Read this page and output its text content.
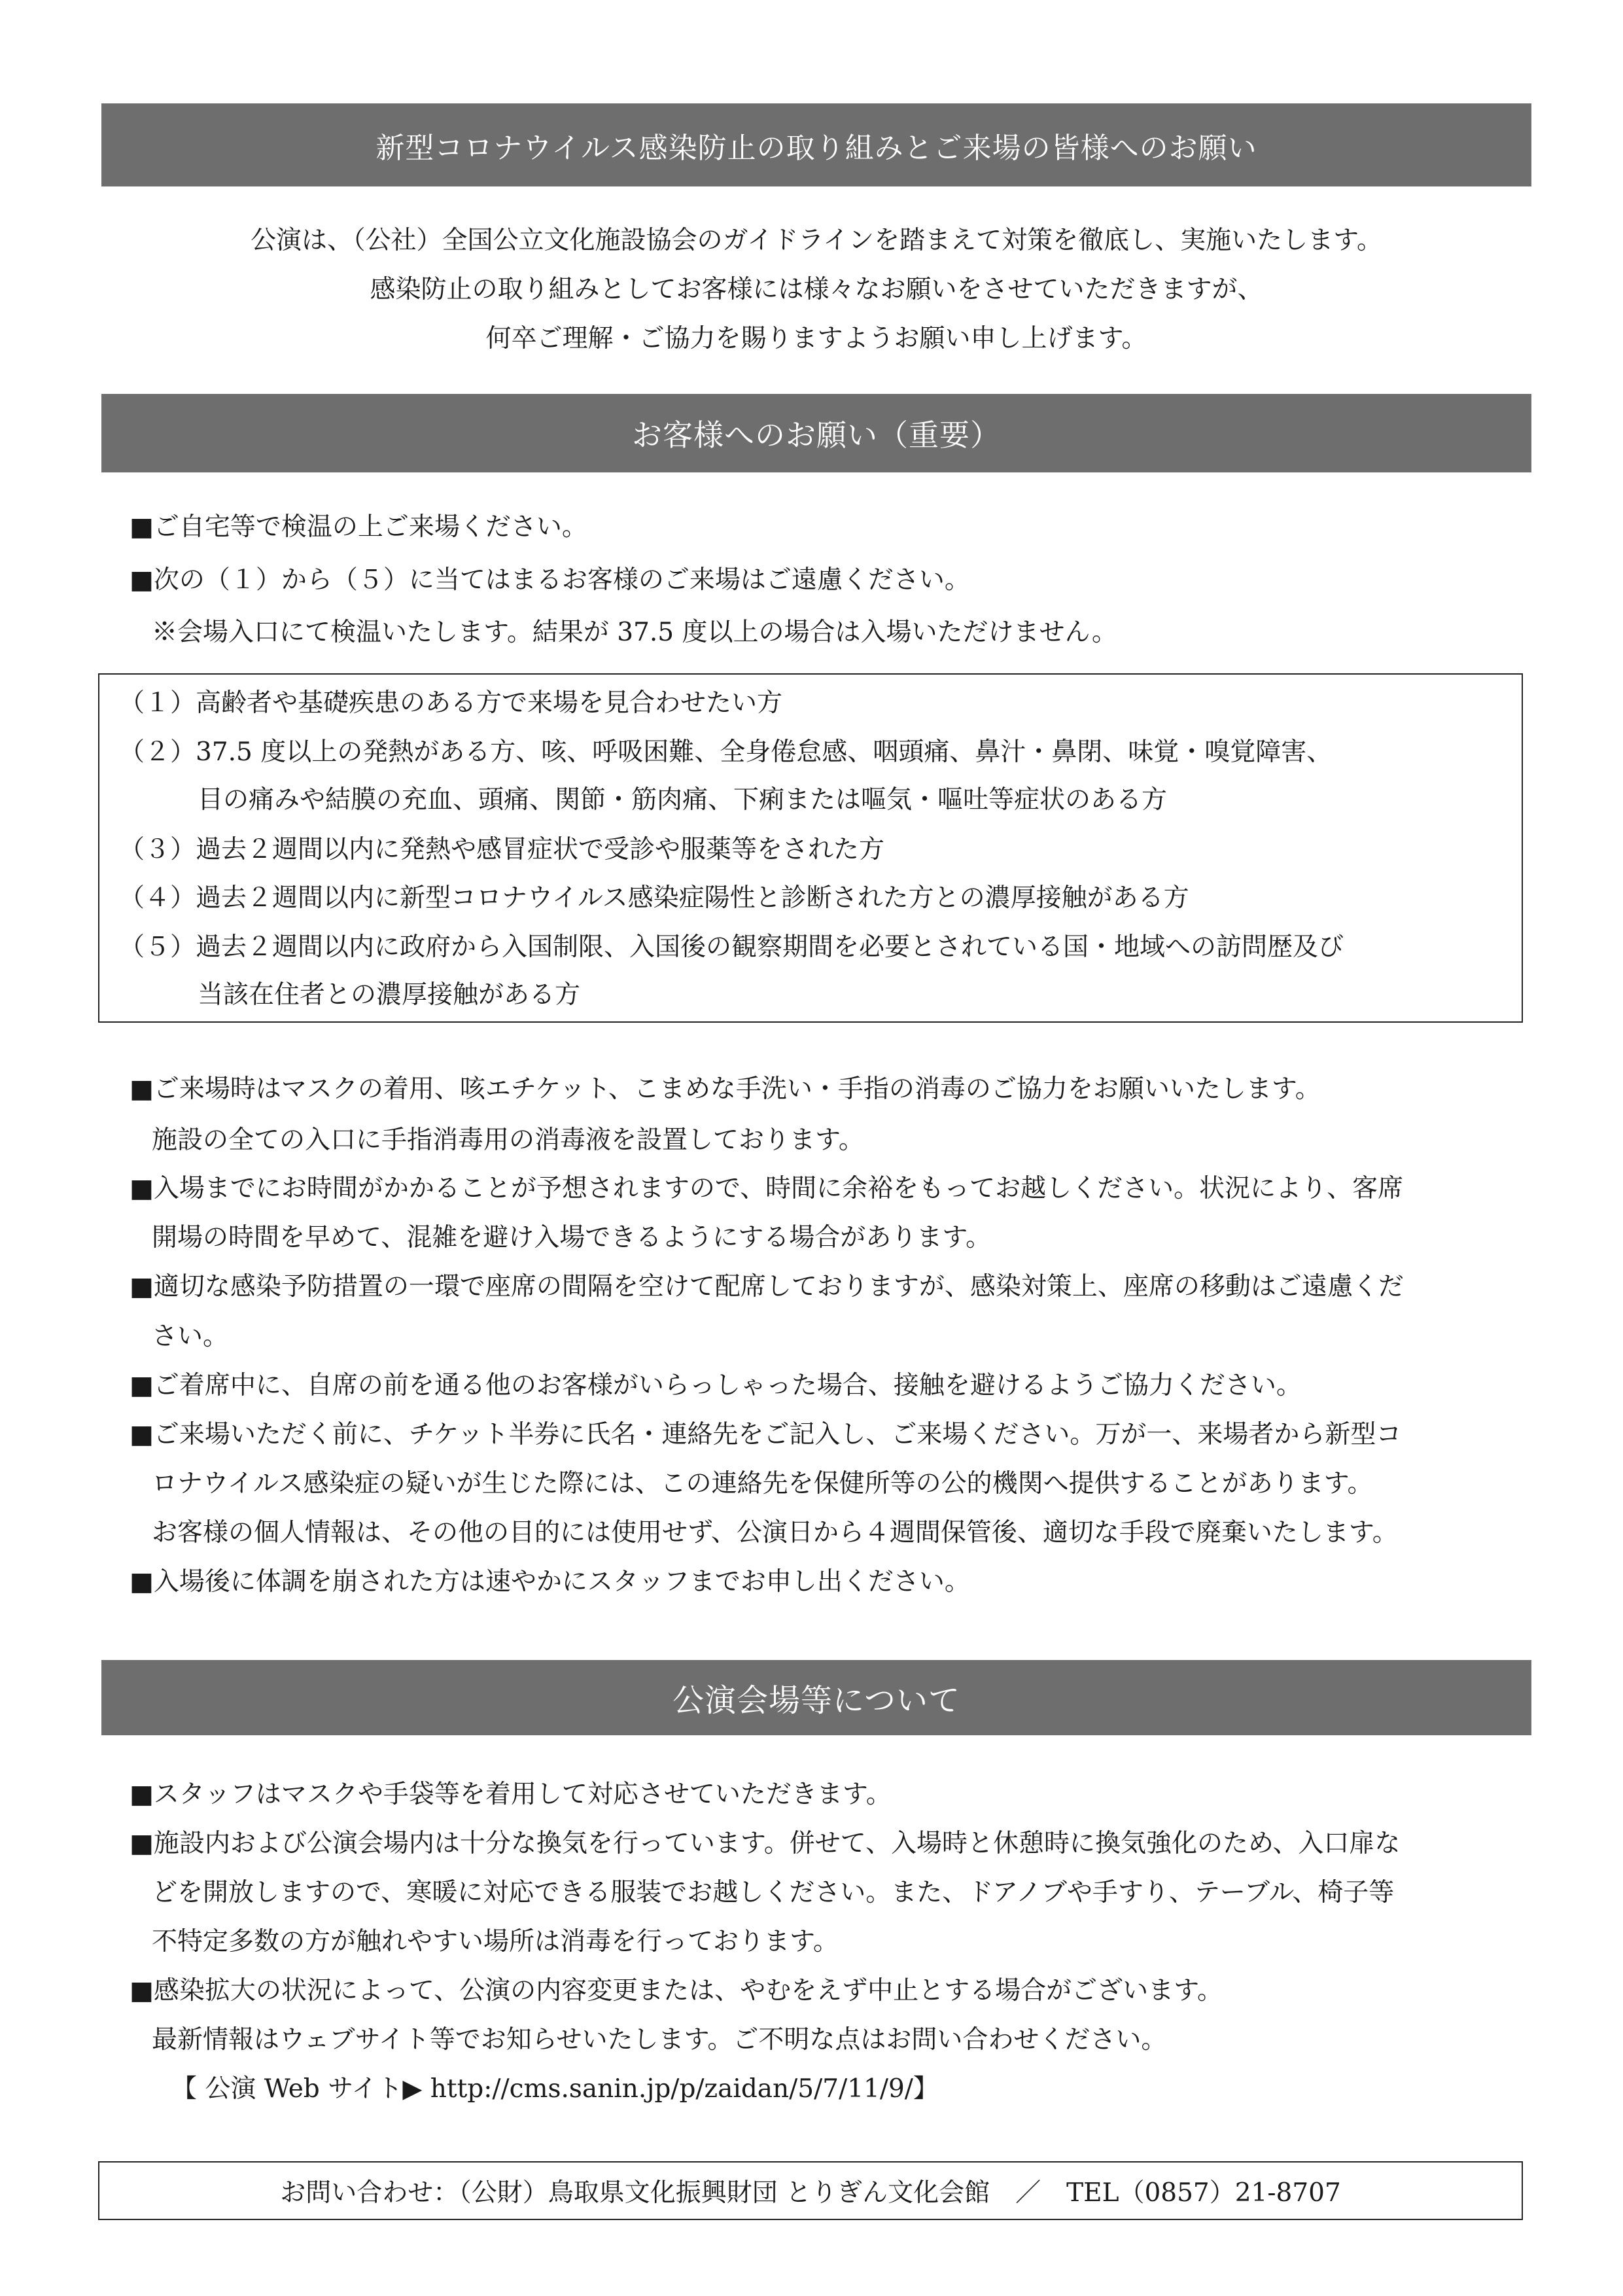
新型コロナウイルス感染防止の取り組みとご来場の皆様へのお願い
公演は、（公社）全国公立文化施設協会のガイドラインを踏まえて対策を徹底し、実施いたします。
感染防止の取り組みとしてお客様には様々なお願いをさせていただきますが、
何卒ご理解・ご協力を賜りますようお願い申し上げます。
お客様へのお願い（重要）
■ご自宅等で検温の上ご来場ください。
■次の（１）から（５）に当てはまるお客様のご来場はご遠慮ください。
※会場入口にて検温いたします。結果が 37.5 度以上の場合は入場いただけません。
（１）高齢者や基礎疾患のある方で来場を見合わせたい方
（２）37.5 度以上の発熱がある方、咳、呼吸困難、全身倦怠感、咽頭痛、鼻汁・鼻閉、味覚・嗅覚障害、
目の痛みや結膜の充血、頭痛、関節・筋肉痛、下痢または嘔気・嘔吐等症状のある方
（３）過去２週間以内に発熱や感冒症状で受診や服薬等をされた方
（４）過去２週間以内に新型コロナウイルス感染症陽性と診断された方との濃厚接触がある方
（５）過去２週間以内に政府から入国制限、入国後の観察期間を必要とされている国・地域への訪問歴及び
当該在住者との濃厚接触がある方
■ご来場時はマスクの着用、咳エチケット、こまめな手洗い・手指の消毒のご協力をお願いいたします。
施設の全ての入口に手指消毒用の消毒液を設置しております。
■入場までにお時間がかかることが予想されますので、時間に余裕をもってお越しください。状況により、客席
開場の時間を早めて、混雑を避け入場できるようにする場合があります。
■適切な感染予防措置の一環で座席の間隔を空けて配席しておりますが、感染対策上、座席の移動はご遠慮くだ
さい。
■ご着席中に、自席の前を通る他のお客様がいらっしゃった場合、接触を避けるようご協力ください。
■ご来場いただく前に、チケット半券に氏名・連絡先をご記入し、ご来場ください。万が一、来場者から新型コ
ロナウイルス感染症の疑いが生じた際には、この連絡先を保健所等の公的機関へ提供することがあります。
お客様の個人情報は、その他の目的には使用せず、公演日から４週間保管後、適切な手段で廃棄いたします。
■入場後に体調を崩された方は速やかにスタッフまでお申し出ください。
公演会場等について
■スタッフはマスクや手袋等を着用して対応させていただきます。
■施設内および公演会場内は十分な換気を行っています。併せて、入場時と休憩時に換気強化のため、入口扉な
どを開放しますので、寒暖に対応できる服装でお越しください。また、ドアノブや手すり、テーブル、椅子等
不特定多数の方が触れやすい場所は消毒を行っております。
■感染拡大の状況によって、公演の内容変更または、やむをえず中止とする場合がございます。
最新情報はウェブサイト等でお知らせいたします。ご不明な点はお問い合わせください。
【 公演 Web サイト▶ http://cms.sanin.jp/p/zaidan/5/7/11/9/】
お問い合わせ：（公財）鳥取県文化振興財団 とりぎん文化会館　／　TEL（0857）21-8707
